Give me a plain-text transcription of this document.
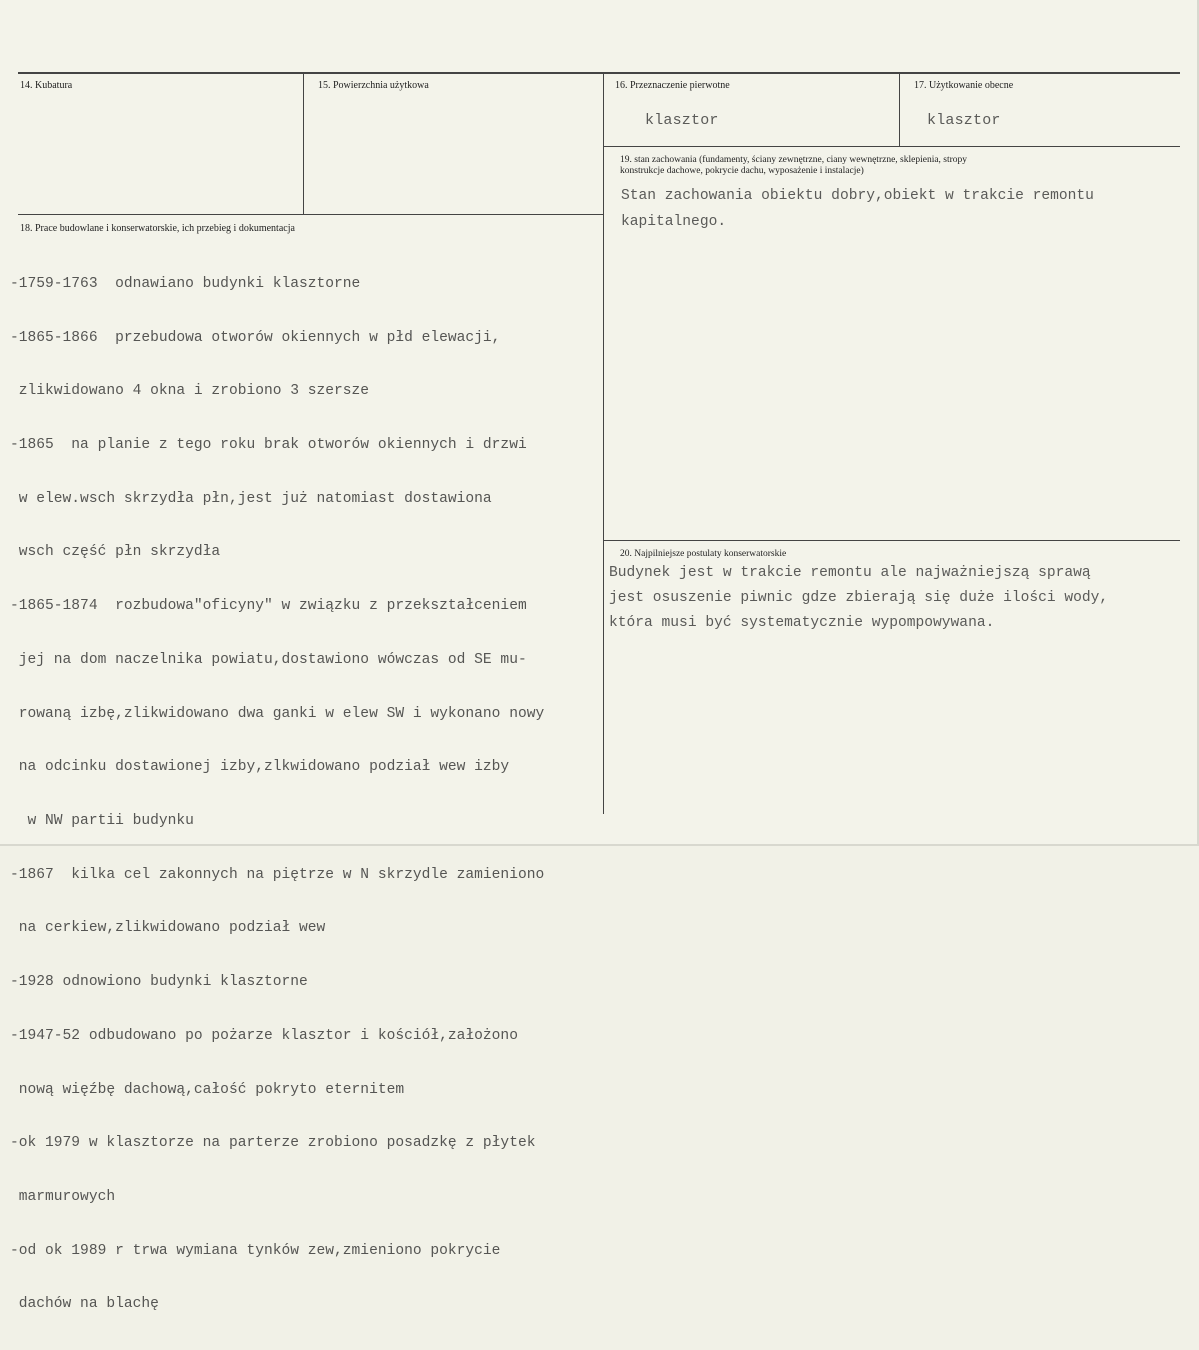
14. Kubatura	15. Powierzchnia użytkowa	16. Przeznaczenie pierwotne
klasztor
17. Użytkowanie obecne
klasztor
19. stan zachowania (fundamenty, ściany zewnętrzne, ciany wewnętrzne, sklepienia, stropy
konstrukcje dachowe, pokrycie dachu, wyposażenie i instalacje)
Stan zachowania obiektu dobry,obiekt w trakcie remontu
kapitalnego.
18. Prace budowlane i konserwatorskie, ich przebieg i dokumentacja

-1759-1763  odnawiano budynki klasztorne

-1865-1866  przebudowa otworów okiennych w płd elewacji,

zlikwidowano 4 okna i zrobiono 3 szersze

-1865  na planie z tego roku brak otworów okiennych i drzwi

w elew.wsch skrzydła płn,jest już natomiast dostawiona

wsch część płn skrzydła

-1865-1874  rozbudowa"oficyny" w związku z przekształceniem

jej na dom naczelnika powiatu,dostawiono wówczas od SE mu-

rowaną izbę,zlikwidowano dwa ganki w elew SW i wykonano nowy

na odcinku dostawionej izby,zlkwidowano podział wew izby

w NW partii budynku

-1867  kilka cel zakonnych na piętrze w N skrzydle zamieniono

na cerkiew,zlikwidowano podział wew

-1928 odnowiono budynki klasztorne

-1947-52 odbudowano po pożarze klasztor i kościół,założono

nową więźbę dachową,całość pokryto eternitem

-ok 1979 w klasztorze na parterze zrobiono posadzkę z płytek

marmurowych

-od ok 1989 r trwa wymiana tynków zew,zmieniono pokrycie

dachów na blachę

20. Najpilniejsze postulaty konserwatorskie
Budynek jest w trakcie remontu ale najważniejszą sprawą
jest osuszenie piwnic gdze zbierają się duże ilości wody,
która musi być systematycznie wypompowywana.
